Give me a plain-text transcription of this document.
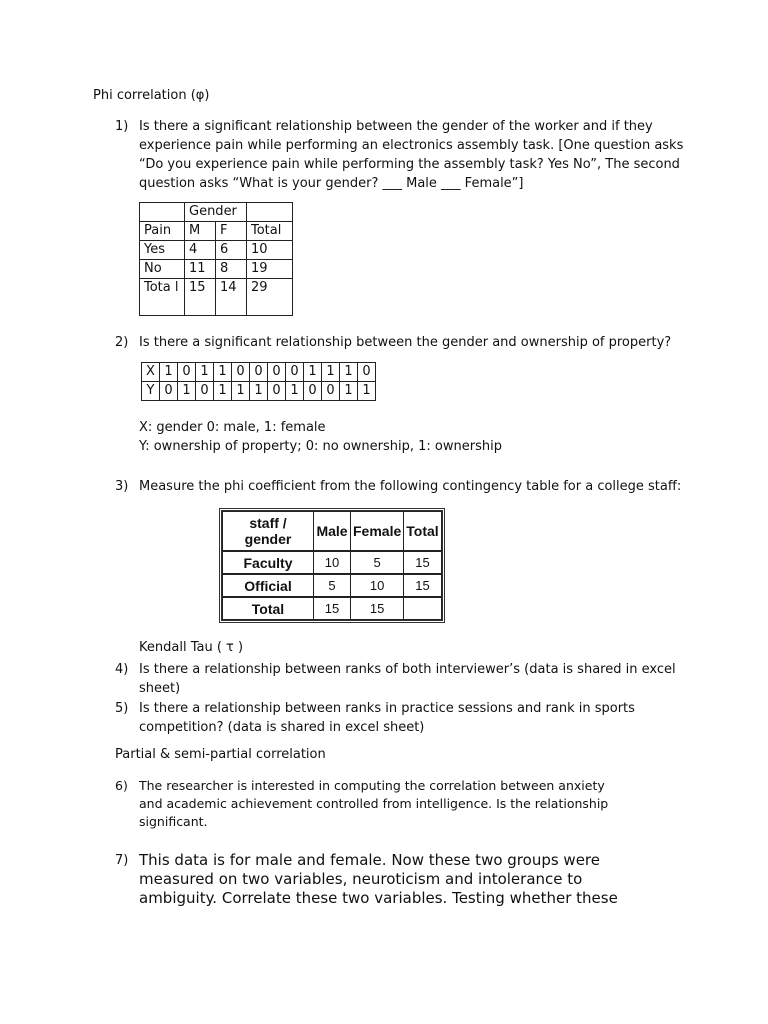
Phi correlation (φ)
1) Is there a significant relationship between the gender of the worker and if they
experience pain while performing an electronics assembly task. [One question asks
“Do you experience pain while performing the assembly task? Yes No”, The second
question asks “What is your gender? ___ Male ___ Female”]
	Gender		
Pain	M	F	Total
Yes	4	6	10
No	11	8	19
Tota l	15	14	29
2) Is there a significant relationship between the gender and ownership of property?
X	1	0	1	1	0	0	0	0	1	1	1	0
Y	0	1	0	1	1	1	0	1	0	0	1	1
X: gender 0: male, 1: female
Y: ownership of property; 0: no ownership, 1: ownership
3) Measure the phi coefficient from the following contingency table for a college staff:
staff / gender	Male	Female	Total
Faculty	10	5	15
Official	5	10	15
Total	15	15	
Kendall Tau ( τ )
4) Is there a relationship between ranks of both interviewer’s (data is shared in excel
sheet)
5) Is there a relationship between ranks in practice sessions and rank in sports
competition? (data is shared in excel sheet)
Partial & semi-partial correlation
6) The researcher is interested in computing the correlation between anxiety
and academic achievement controlled from intelligence. Is the relationship
significant.
7) This data is for male and female. Now these two groups were
measured on two variables, neuroticism and intolerance to
ambiguity. Correlate these two variables. Testing whether these
